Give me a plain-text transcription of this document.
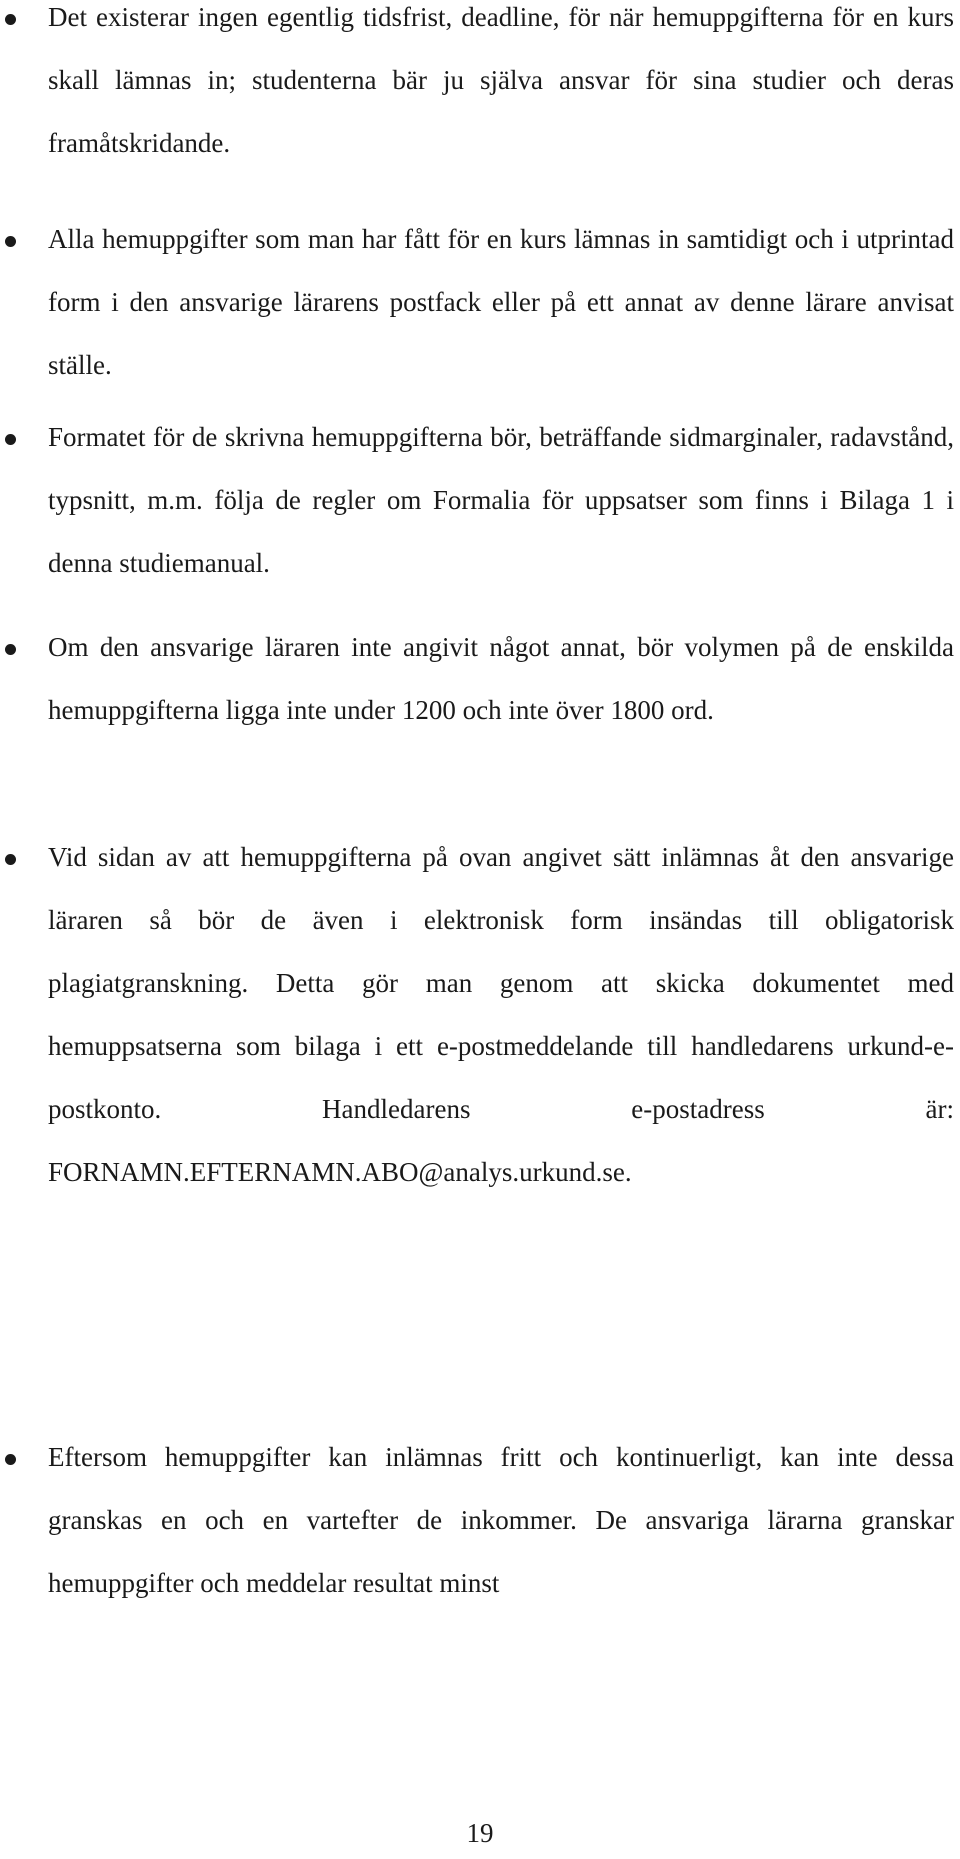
Det existerar ingen egentlig tidsfrist, deadline, för när hemuppgifterna för en kurs skall lämnas in; studenterna bär ju själva ansvar för sina studier och deras framåtskridande.
Alla hemuppgifter som man har fått för en kurs lämnas in samtidigt och i utprintad form i den ansvarige lärarens postfack eller på ett annat av denne lärare anvisat ställe.
Formatet för de skrivna hemuppgifterna bör, beträffande sidmarginaler, radavstånd, typsnitt, m.m. följa de regler om Formalia för uppsatser som finns i Bilaga 1 i denna studiemanual.
Om den ansvarige läraren inte angivit något annat, bör volymen på de enskilda hemuppgifterna ligga inte under 1200 och inte över 1800 ord.
Vid sidan av att hemuppgifterna på ovan angivet sätt inlämnas åt den ansvarige läraren så bör de även i elektronisk form insändas till obligatorisk plagiatgranskning. Detta gör man genom att skicka dokumentet med hemuppsatserna som bilaga i ett e-postmeddelande till handledarens urkund-e-postkonto. Handledarens e-postadress är: FORNAMN.EFTERNAMN.ABO@analys.urkund.se.
Eftersom hemuppgifter kan inlämnas fritt och kontinuerligt, kan inte dessa granskas en och en vartefter de inkommer. De ansvariga lärarna granskar hemuppgifter och meddelar resultat minst
19
